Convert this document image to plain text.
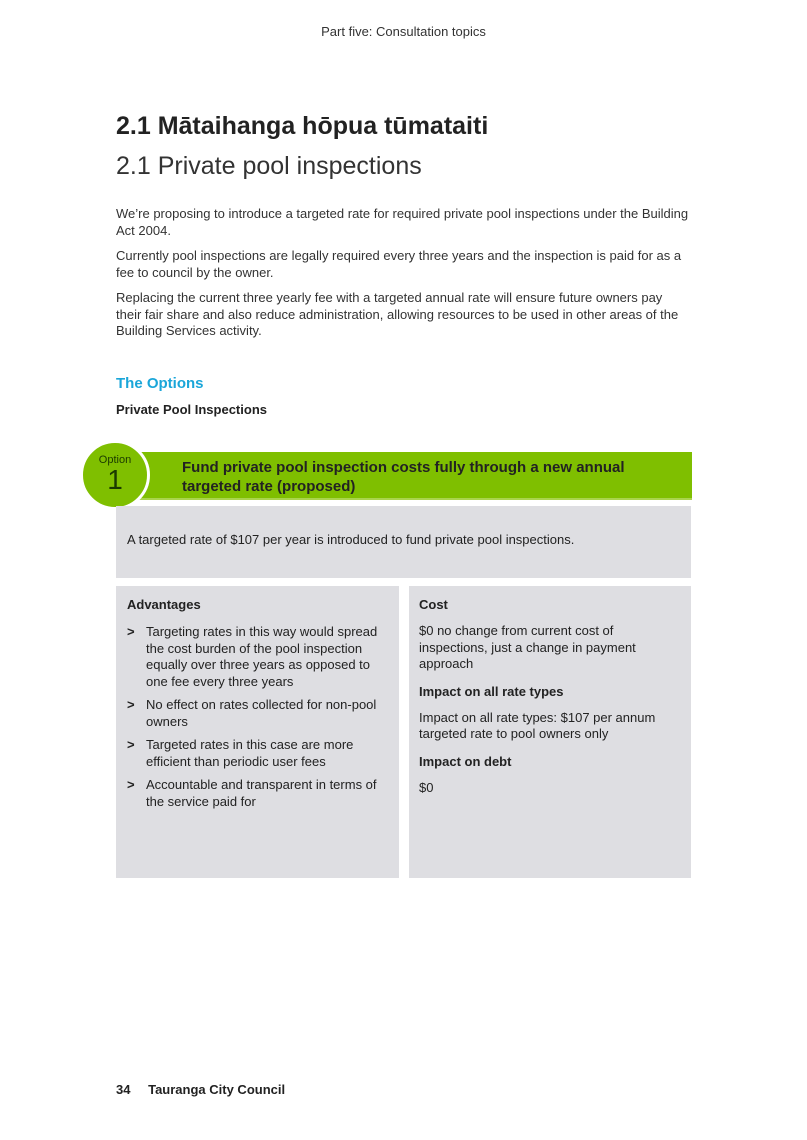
Part five: Consultation topics
2.1 Mātaihanga hōpua tūmataiti
2.1 Private pool inspections

We’re proposing to introduce a targeted rate for required private pool inspections under the Building Act 2004.

Currently pool inspections are legally required every three years and the inspection is paid for as a fee to council by the owner.

Replacing the current three yearly fee with a targeted annual rate will ensure future owners pay their fair share and also reduce administration, allowing resources to be used in other areas of the Building Services activity.

The Options
Private Pool Inspections
Fund private pool inspection costs fully through a new annual targeted rate (proposed)
Option
1
A targeted rate of $107 per year is introduced to fund private pool inspections.
Advantages
> Targeting rates in this way would spread the cost burden of the pool inspection equally over three years as opposed to one fee every three years
> No effect on rates collected for non-pool owners
> Targeted rates in this case are more efficient than periodic user fees
> Accountable and transparent in terms of the service paid for
Cost

$0 no change from current cost of inspections, just a change in payment approach

Impact on all rate types

Impact on all rate types: $107 per annum targeted rate to pool owners only

Impact on debt

$0

34 Tauranga City Council
